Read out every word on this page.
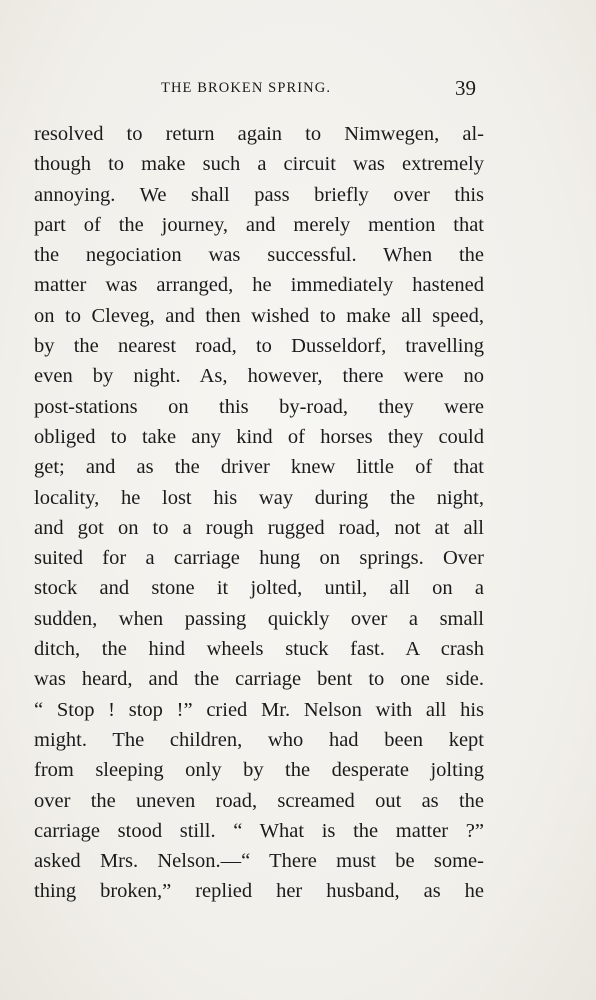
THE BROKEN SPRING.	39
resolved to return again to Nimwegen, al-
though to make such a circuit was extremely
annoying. We shall pass briefly over this
part of the journey, and merely mention that
the negociation was successful. When the
matter was arranged, he immediately hastened
on to Cleveg, and then wished to make all speed,
by the nearest road, to Dusseldorf, travelling
even by night. As, however, there were no
post-stations on this by-road, they were
obliged to take any kind of horses they could
get; and as the driver knew little of that
locality, he lost his way during the night,
and got on to a rough rugged road, not at all
suited for a carriage hung on springs. Over
stock and stone it jolted, until, all on a
sudden, when passing quickly over a small
ditch, the hind wheels stuck fast. A crash
was heard, and the carriage bent to one side.
“ Stop ! stop !” cried Mr. Nelson with all his
might. The children, who had been kept
from sleeping only by the desperate jolting
over the uneven road, screamed out as the
carriage stood still. “ What is the matter ?”
asked Mrs. Nelson.—“ There must be some-
thing broken,” replied her husband, as he
